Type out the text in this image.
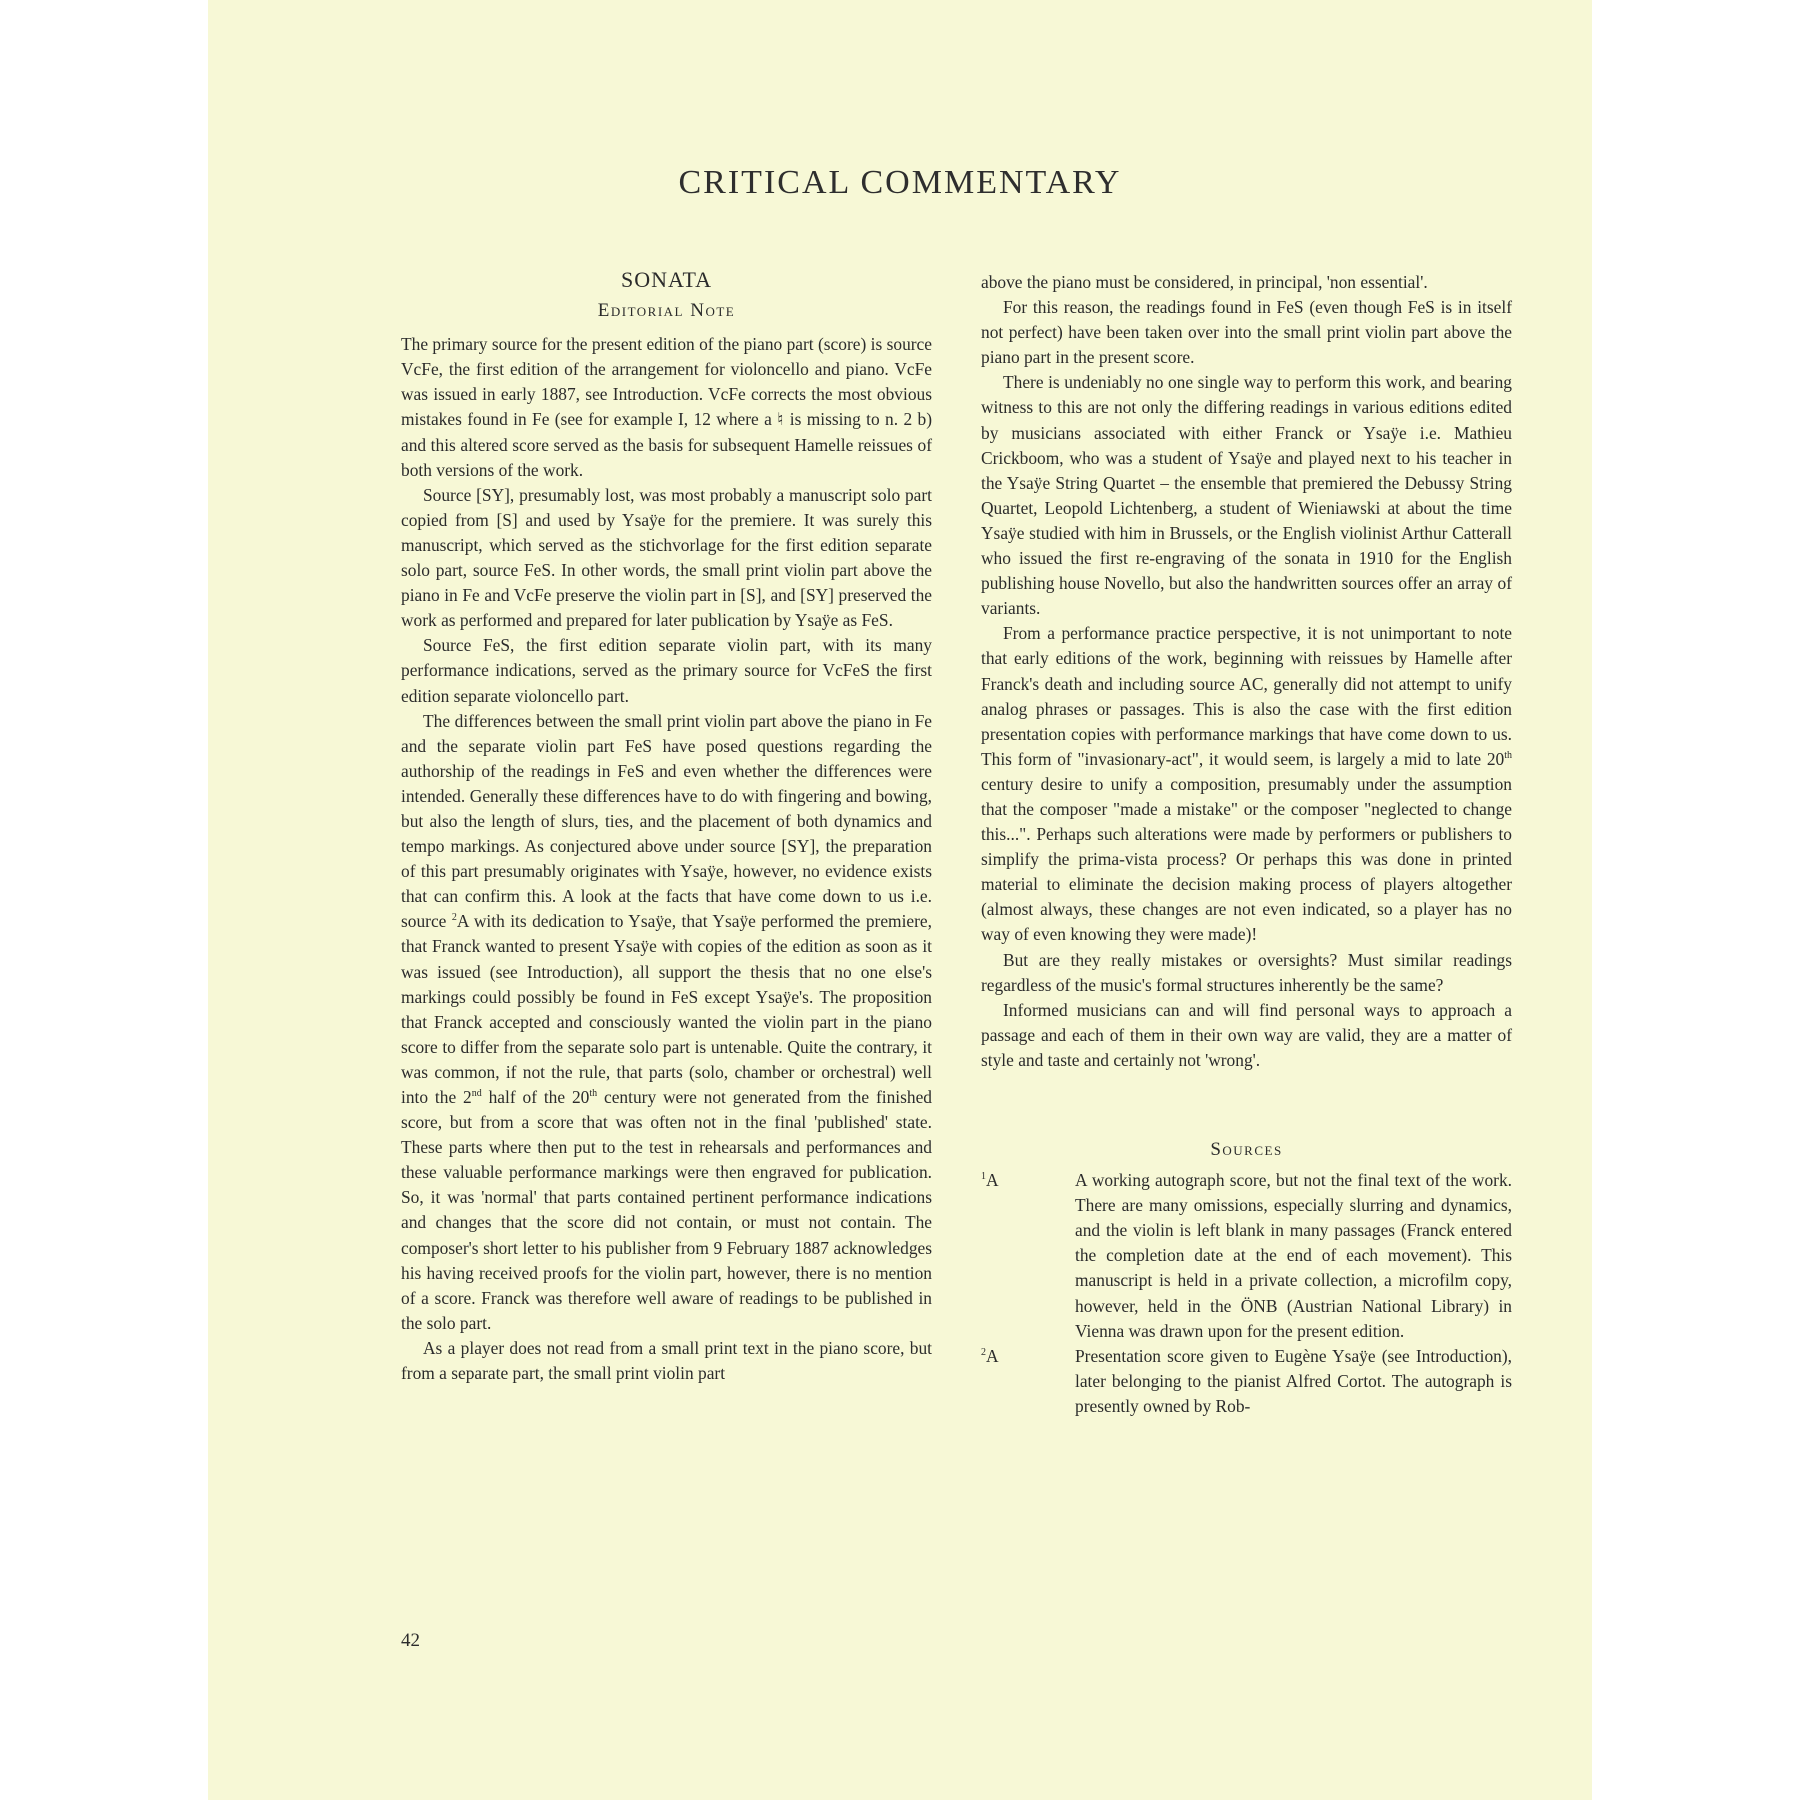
CRITICAL COMMENTARY
SONATA
Editorial Note

The primary source for the present edition of the piano part (score) is source VcFe, the first edition of the arrangement for violoncello and piano. VcFe was issued in early 1887, see Introduction. VcFe corrects the most obvious mistakes found in Fe (see for example I, 12 where a ♮ is missing to n. 2 b) and this altered score served as the basis for subsequent Hamelle reissues of both versions of the work.

Source [SY], presumably lost, was most probably a manuscript solo part copied from [S] and used by Ysaÿe for the premiere. It was surely this manuscript, which served as the stichvorlage for the first edition separate solo part, source FeS. In other words, the small print violin part above the piano in Fe and VcFe preserve the violin part in [S], and [SY] preserved the work as performed and prepared for later publication by Ysaÿe as FeS.

Source FeS, the first edition separate violin part, with its many performance indications, served as the primary source for VcFeS the first edition separate violoncello part.

The differences between the small print violin part above the piano in Fe and the separate violin part FeS have posed questions regarding the authorship of the readings in FeS and even whether the differences were intended. Generally these differences have to do with fingering and bowing, but also the length of slurs, ties, and the placement of both dynamics and tempo markings. As conjectured above under source [SY], the preparation of this part presumably originates with Ysaÿe, however, no evidence exists that can confirm this. A look at the facts that have come down to us i.e. source $^2$A with its dedication to Ysaÿe, that Ysaÿe performed the premiere, that Franck wanted to present Ysaÿe with copies of the edition as soon as it was issued (see Introduction), all support the thesis that no one else's markings could possibly be found in FeS except Ysaÿe's. The proposition that Franck accepted and consciously wanted the violin part in the piano score to differ from the separate solo part is untenable. Quite the contrary, it was common, if not the rule, that parts (solo, chamber or orchestral) well into the 2nd half of the 20th century were not generated from the finished score, but from a score that was often not in the final 'published' state. These parts where then put to the test in rehearsals and performances and these valuable performance markings were then engraved for publication. So, it was 'normal' that parts contained pertinent performance indications and changes that the score did not contain, or must not contain. The composer's short letter to his publisher from 9 February 1887 acknowledges his having received proofs for the violin part, however, there is no mention of a score. Franck was therefore well aware of readings to be published in the solo part.

As a player does not read from a small print text in the piano score, but from a separate part, the small print violin part

above the piano must be considered, in principal, 'non essential'.

For this reason, the readings found in FeS (even though FeS is in itself not perfect) have been taken over into the small print violin part above the piano part in the present score.

There is undeniably no one single way to perform this work, and bearing witness to this are not only the differing readings in various editions edited by musicians associated with either Franck or Ysaÿe i.e. Mathieu Crickboom, who was a student of Ysaÿe and played next to his teacher in the Ysaÿe String Quartet – the ensemble that premiered the Debussy String Quartet, Leopold Lichtenberg, a student of Wieniawski at about the time Ysaÿe studied with him in Brussels, or the English violinist Arthur Catterall who issued the first re-engraving of the sonata in 1910 for the English publishing house Novello, but also the handwritten sources offer an array of variants.

From a performance practice perspective, it is not unimportant to note that early editions of the work, beginning with reissues by Hamelle after Franck's death and including source AC, generally did not attempt to unify analog phrases or passages. This is also the case with the first edition presentation copies with performance markings that have come down to us. This form of "invasionary-act", it would seem, is largely a mid to late 20th century desire to unify a composition, presumably under the assumption that the composer "made a mistake" or the composer "neglected to change this...". Perhaps such alterations were made by performers or publishers to simplify the prima-vista process? Or perhaps this was done in printed material to eliminate the decision making process of players altogether (almost always, these changes are not even indicated, so a player has no way of even knowing they were made)!

But are they really mistakes or oversights? Must similar readings regardless of the music's formal structures inherently be the same?

Informed musicians can and will find personal ways to approach a passage and each of them in their own way are valid, they are a matter of style and taste and certainly not 'wrong'.

Sources
$^1$A	A working autograph score, but not the final text of the work. There are many omissions, especially slurring and dynamics, and the violin is left blank in many passages (Franck entered the completion date at the end of each movement). This manuscript is held in a private collection, a microfilm copy, however, held in the ÖNB (Austrian National Library) in Vienna was drawn upon for the present edition.
$^2$A	Presentation score given to Eugène Ysaÿe (see Introduction), later belonging to the pianist Alfred Cortot. The autograph is presently owned by Rob-
42
